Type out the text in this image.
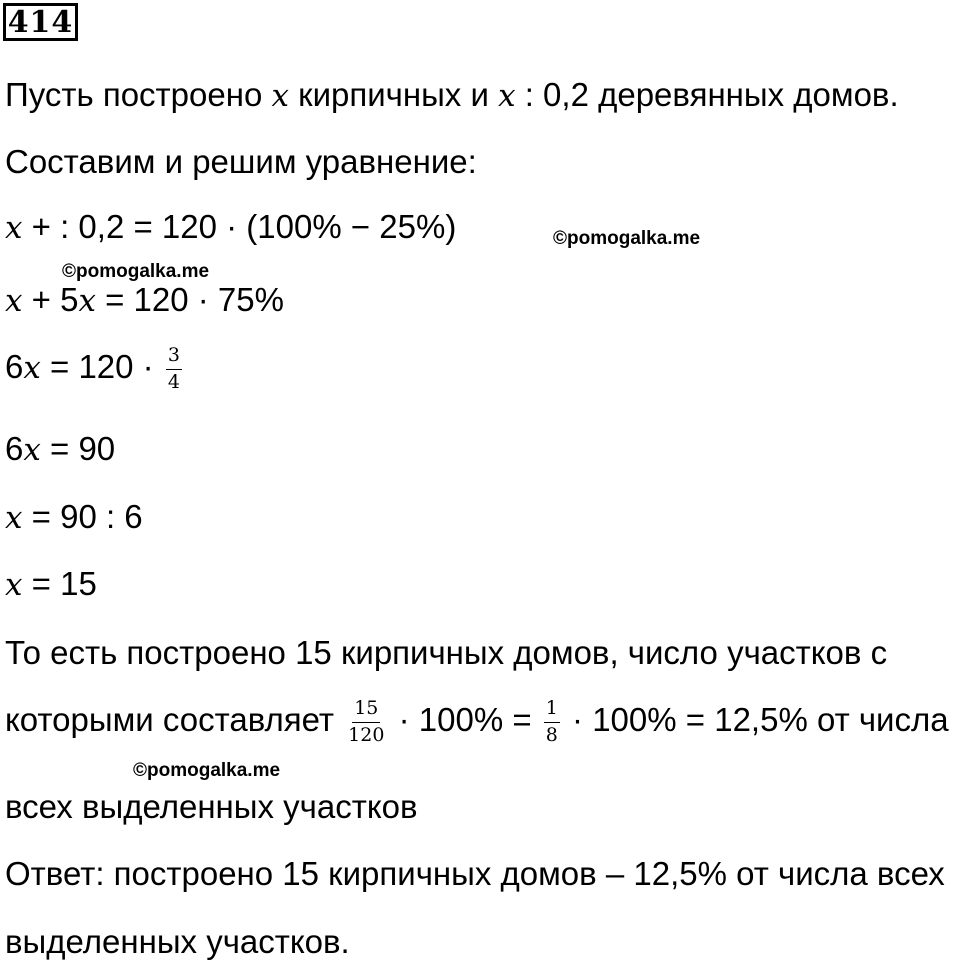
414
Пусть построено 𝑥 кирпичных и 𝑥 : 0,2 деревянных домов.
Составим и решим уравнение:
𝑥 + : 0,2 = 120 · (100% − 25%)
𝑥 + 5𝑥 = 120 · 75%
6𝑥 = $120 \cdot \frac{3}{4}$
6𝑥 = 90
𝑥 = 90 : 6
𝑥 = 15
То есть построено 15 кирпичных домов, число участков с
которыми составляет $\frac{15}{120} \cdot 100\% = \frac{1}{8} \cdot 100\% = 12,5\%$ от числа
всех выделенных участков
Ответ: построено 15 кирпичных домов – 12,5% от числа всех
выделенных участков.
©pomogalka.me
©pomogalka.me
©pomogalka.me
